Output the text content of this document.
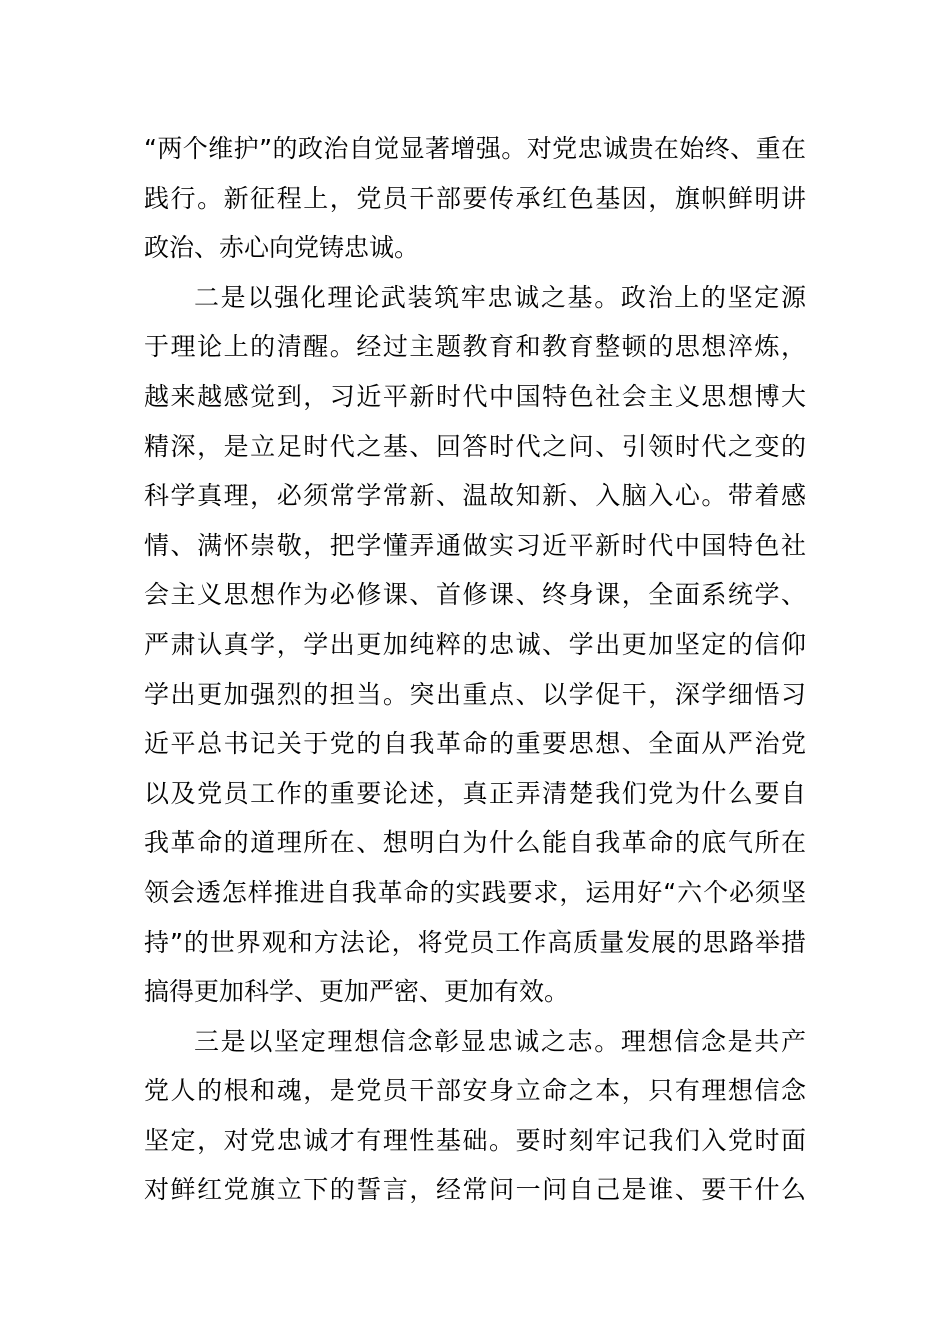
“两个维护”的政治自觉显著增强。对党忠诚贵在始终、重在
践行。新征程上，党员干部要传承红色基因，旗帜鲜明讲
政治、赤心向党铸忠诚。
二是以强化理论武装筑牢忠诚之基。政治上的坚定源
于理论上的清醒。经过主题教育和教育整顿的思想淬炼，
越来越感觉到，习近平新时代中国特色社会主义思想博大
精深，是立足时代之基、回答时代之问、引领时代之变的
科学真理，必须常学常新、温故知新、入脑入心。带着感
情、满怀崇敬，把学懂弄通做实习近平新时代中国特色社
会主义思想作为必修课、首修课、终身课，全面系统学、
严肃认真学，学出更加纯粹的忠诚、学出更加坚定的信仰
学出更加强烈的担当。突出重点、以学促干，深学细悟习
近平总书记关于党的自我革命的重要思想、全面从严治党
以及党员工作的重要论述，真正弄清楚我们党为什么要自
我革命的道理所在、想明白为什么能自我革命的底气所在
领会透怎样推进自我革命的实践要求，运用好“六个必须坚
持”的世界观和方法论，将党员工作高质量发展的思路举措
搞得更加科学、更加严密、更加有效。
三是以坚定理想信念彰显忠诚之志。理想信念是共产
党人的根和魂，是党员干部安身立命之本，只有理想信念
坚定，对党忠诚才有理性基础。要时刻牢记我们入党时面
对鲜红党旗立下的誓言，经常问一问自己是谁、要干什么
